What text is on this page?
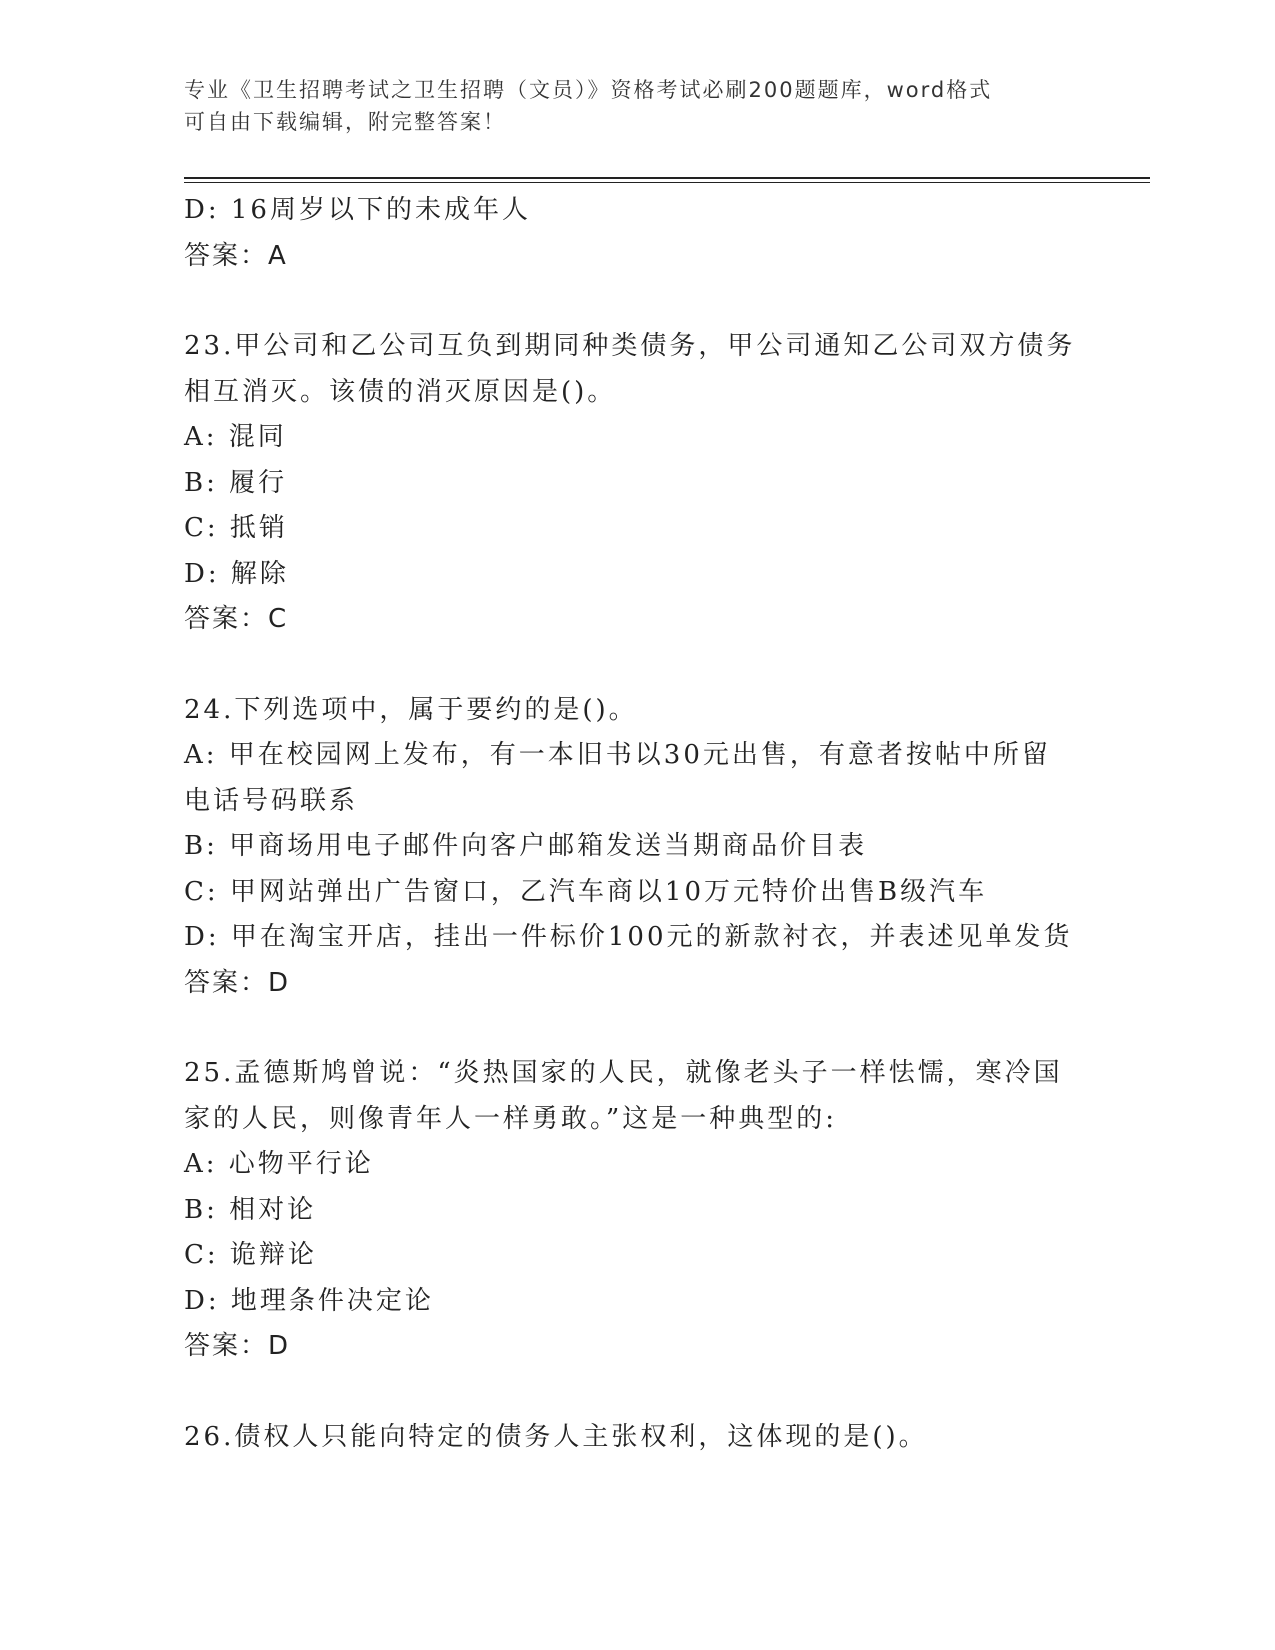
专业《卫生招聘考试之卫生招聘（文员）》资格考试必刷200题题库，word格式
可自由下载编辑，附完整答案！
D: 16周岁以下的未成年人
答案：A
23.甲公司和乙公司互负到期同种类债务，甲公司通知乙公司双方债务
相互消灭。该债的消灭原因是()。
A: 混同
B: 履行
C: 抵销
D: 解除
答案：C
24.下列选项中，属于要约的是()。
A: 甲在校园网上发布，有一本旧书以30元出售，有意者按帖中所留
电话号码联系
B: 甲商场用电子邮件向客户邮箱发送当期商品价目表
C: 甲网站弹出广告窗口，乙汽车商以10万元特价出售B级汽车
D: 甲在淘宝开店，挂出一件标价100元的新款衬衣，并表述见单发货
答案：D
25.孟德斯鸠曾说：“炎热国家的人民，就像老头子一样怯懦，寒冷国
家的人民，则像青年人一样勇敢。”这是一种典型的:
A: 心物平行论
B: 相对论
C: 诡辩论
D: 地理条件决定论
答案：D
26.债权人只能向特定的债务人主张权利，这体现的是()。
